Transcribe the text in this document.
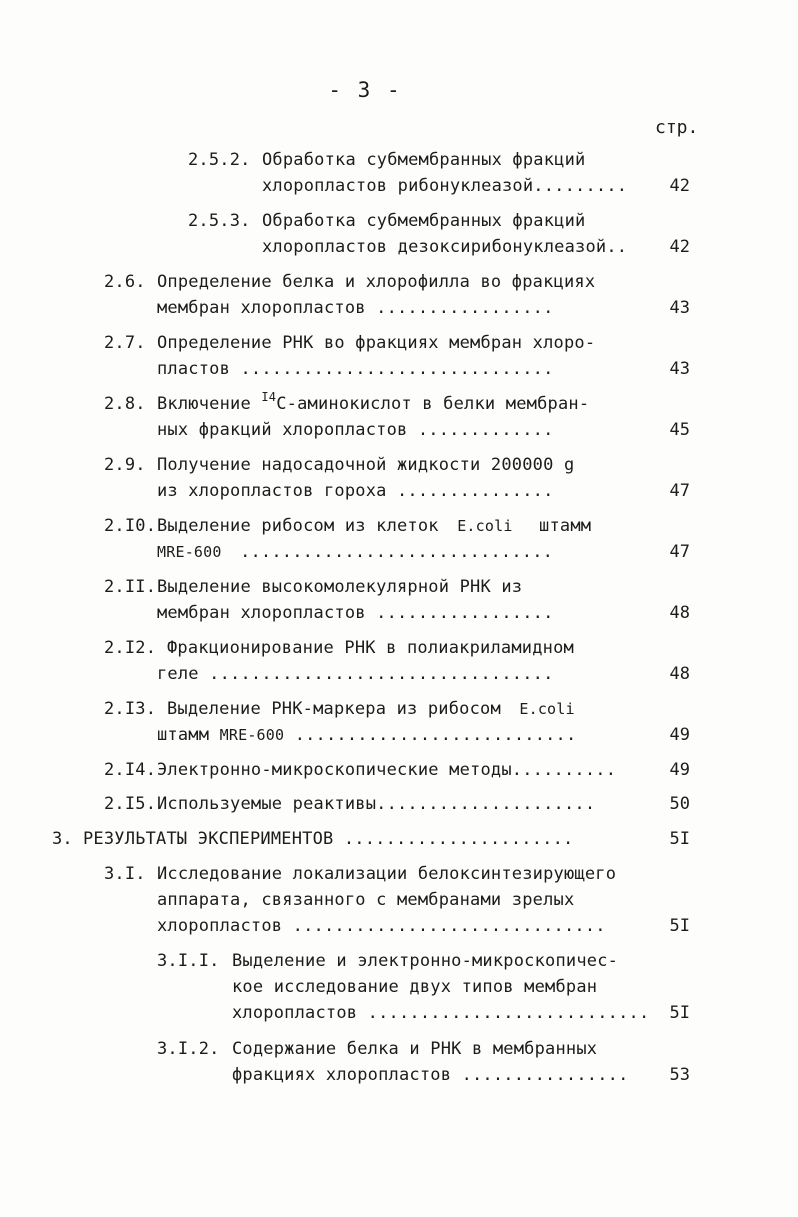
- 3 -
стр.
2.5.2. Обработка субмембранных фракций
хлоропластов рибонуклеазой.........	42
2.5.3. Обработка субмембранных фракций
хлоропластов дезоксирибонуклеазой..	42
2.6. Определение белка и хлорофилла во фракциях
мембран хлоропластов .................	43
2.7. Определение РНК во фракциях мембран хлоро-
пластов ..............................	43
2.8. Включение $^{I4}$С-аминокислот в белки мембран-
ных фракций хлоропластов .............	45
2.9. Получение надосадочной жидкости 200000 g
из хлоропластов гороха ...............	47
2.I0. Выделение рибосом из клеток E.coli штамм
MRE-600 ..............................	47
2.II. Выделение высокомолекулярной РНК из
мембран хлоропластов .................	48
2.I2. Фракционирование РНК в полиакриламидном
геле .................................	48
2.I3. Выделение РНК-маркера из рибосом E.coli
штамм MRE-600 ...........................	49
2.I4. Электронно-микроскопические методы..........	49
2.I5. Используемые реактивы.....................	50
3. РЕЗУЛЬТАТЫ ЭКСПЕРИМЕНТОВ ......................	5I
3.I. Исследование локализации белоксинтезирующего
аппарата, связанного с мембранами зрелых
хлоропластов ..............................	5I
3.I.I. Выделение и электронно-микроскопичес-
кое исследование двух типов мембран
хлоропластов ...........................	5I
3.I.2. Содержание белка и РНК в мембранных
фракциях хлоропластов ................	53
